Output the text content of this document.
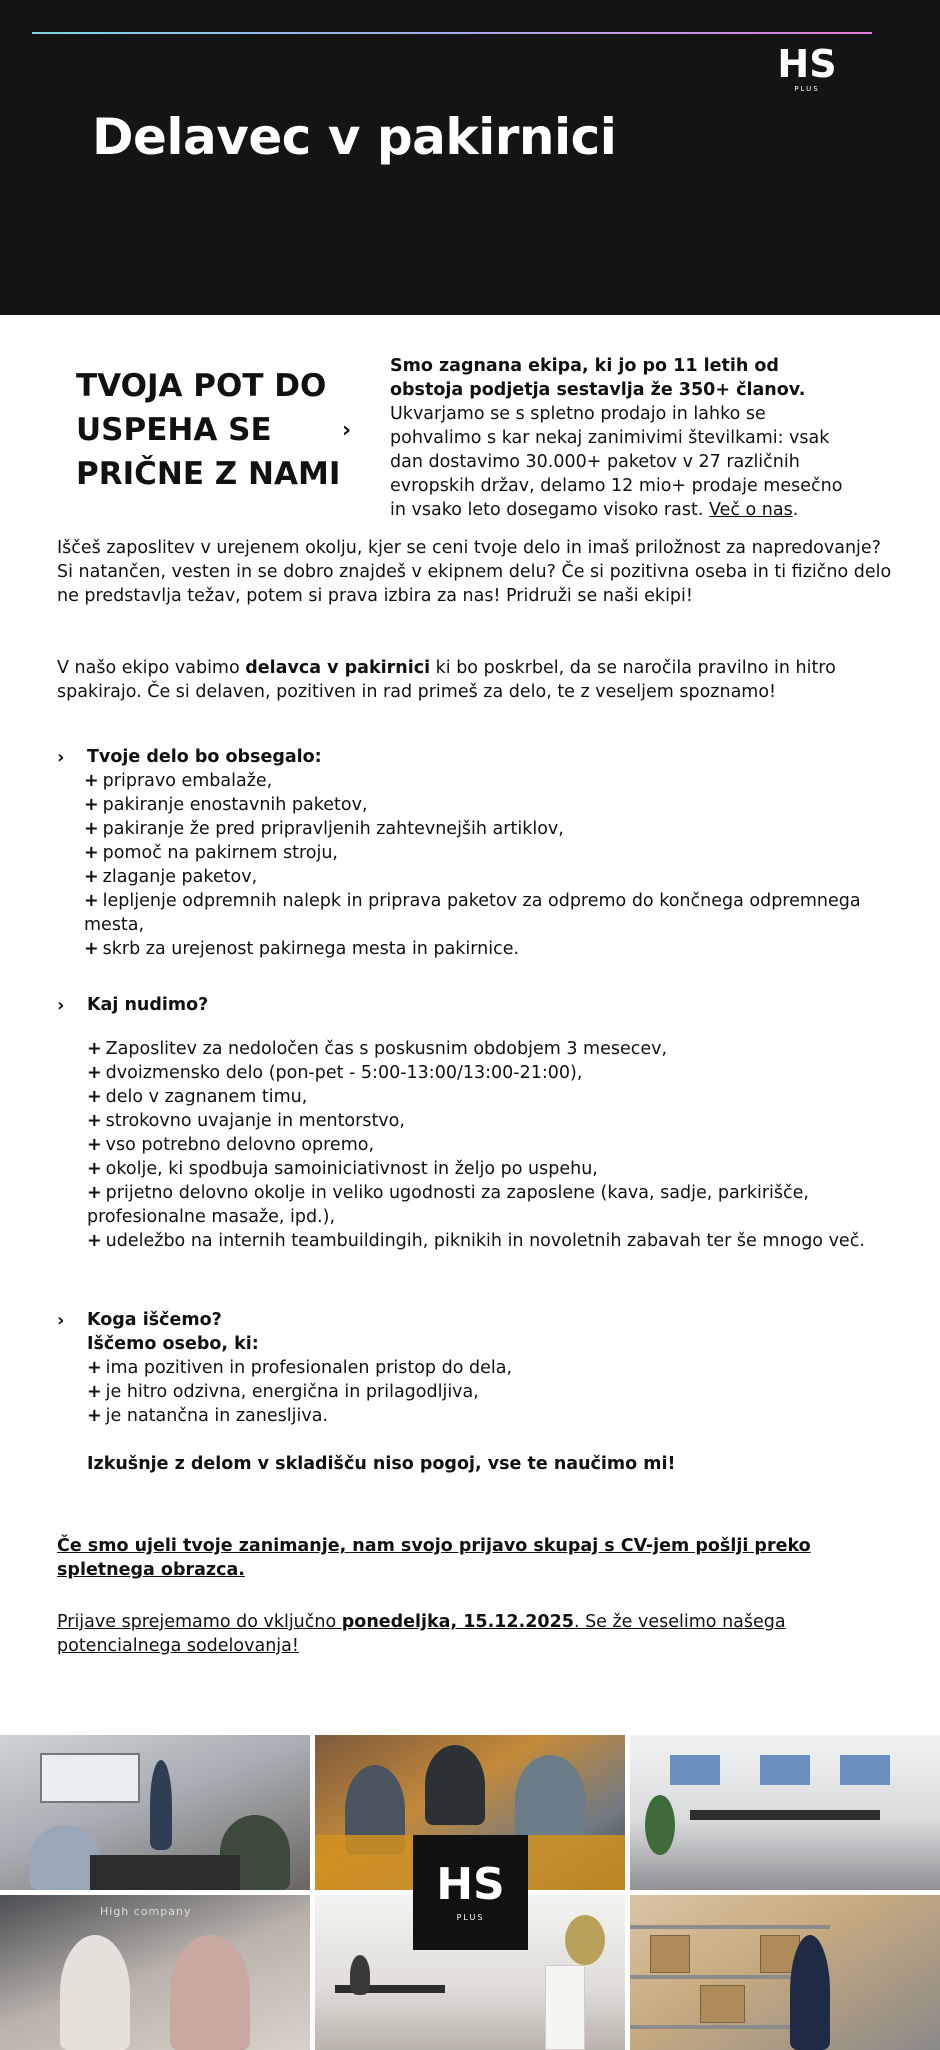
HS
PLUS
Delavec v pakirnici
TVOJA POT DO
USPEHA SE
PRIČNE Z NAMI
›

Smo zagnana ekipa, ki jo po 11 letih od obstoja podjetja sestavlja že 350+ članov. Ukvarjamo se s spletno prodajo in lahko se pohvalimo s kar nekaj zanimivimi številkami: vsak dan dostavimo 30.000+ paketov v 27 različnih evropskih držav, delamo 12 mio+ prodaje mesečno in vsako leto dosegamo visoko rast. Več o nas.

Iščeš zaposlitev v urejenem okolju, kjer se ceni tvoje delo in imaš priložnost za napredovanje? Si natančen, vesten in se dobro znajdeš v ekipnem delu? Če si pozitivna oseba in ti fizično delo ne predstavlja težav, potem si prava izbira za nas! Pridruži se naši ekipi!

V našo ekipo vabimo delavca v pakirnici ki bo poskrbel, da se naročila pravilno in hitro spakirajo. Če si delaven, pozitiven in rad primeš za delo, te z veseljem spoznamo!

›	Tvoje delo bo obsegalo:
+ pripravo embalaže,
+ pakiranje enostavnih paketov,
+ pakiranje že pred pripravljenih zahtevnejših artiklov,
+ pomoč na pakirnem stroju,
+ zlaganje paketov,
+ lepljenje odpremnih nalepk in priprava paketov za odpremo do končnega odpremnega mesta,
+ skrb za urejenost pakirnega mesta in pakirnice.
›	Kaj nudimo?
+ Zaposlitev za nedoločen čas s poskusnim obdobjem 3 mesecev,
+ dvoizmensko delo (pon-pet - 5:00-13:00/13:00-21:00),
+ delo v zagnanem timu,
+ strokovno uvajanje in mentorstvo,
+ vso potrebno delovno opremo,
+ okolje, ki spodbuja samoiniciativnost in željo po uspehu,
+ prijetno delovno okolje in veliko ugodnosti za zaposlene (kava, sadje, parkirišče, profesionalne masaže, ipd.),
+ udeležbo na internih teambuildingih, piknikih in novoletnih zabavah ter še mnogo več.
›	Koga iščemo?
Iščemo osebo, ki:
+ ima pozitiven in profesionalen pristop do dela,
+ je hitro odzivna, energična in prilagodljiva,
+ je natančna in zanesljiva.
Izkušnje z delom v skladišču niso pogoj, vse te naučimo mi!
Če smo ujeli tvoje zanimanje, nam svojo prijavo skupaj s CV-jem pošlji preko spletnega obrazca.

Prijave sprejemamo do vključno ponedeljka, 15.12.2025. Se že veselimo našega potencialnega sodelovanja!

High company
HS
PLUS
